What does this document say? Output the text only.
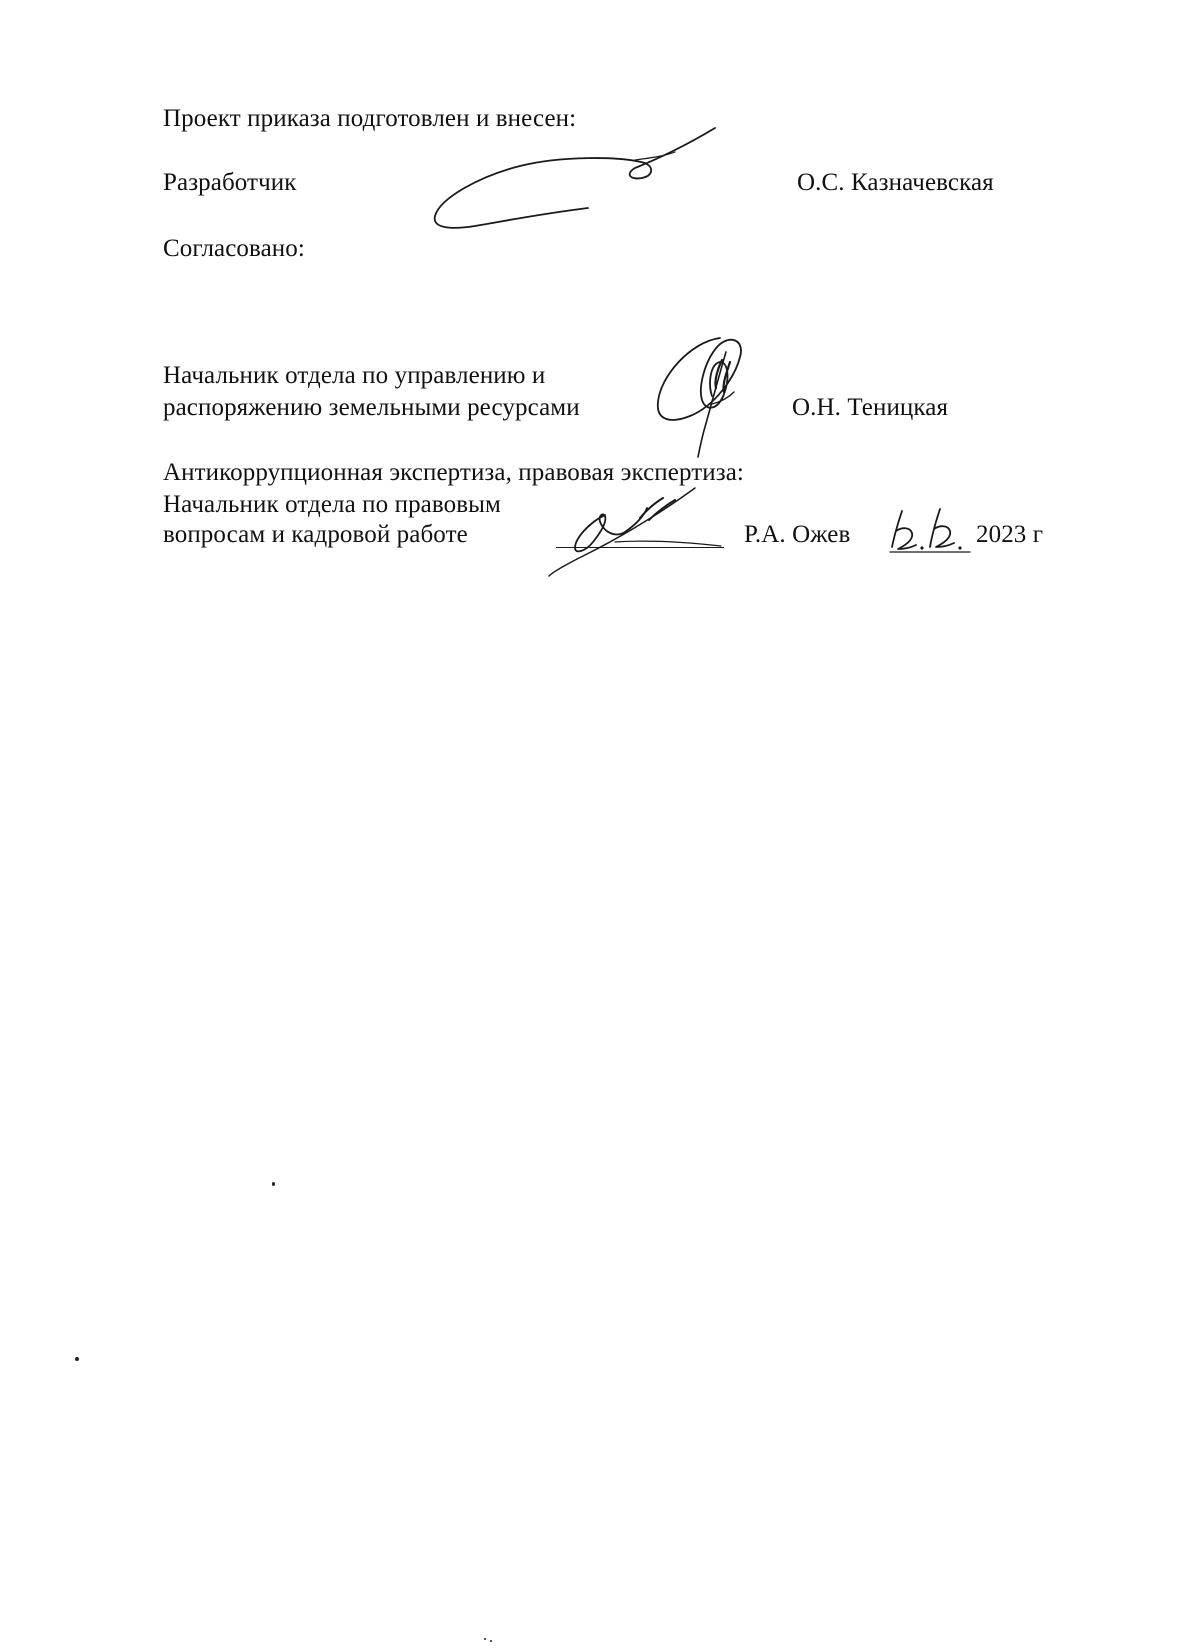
Проект приказа подготовлен и внесен:
Разработчик	О.С. Казначевская
Согласовано:
Начальник отдела по управлению и
распоряжению земельными ресурсами	О.Н. Теницкая
Антикоррупционная экспертиза, правовая экспертиза:
Начальник отдела по правовым
вопросам и кадровой работе	Р.А. Ожев	2023 г
